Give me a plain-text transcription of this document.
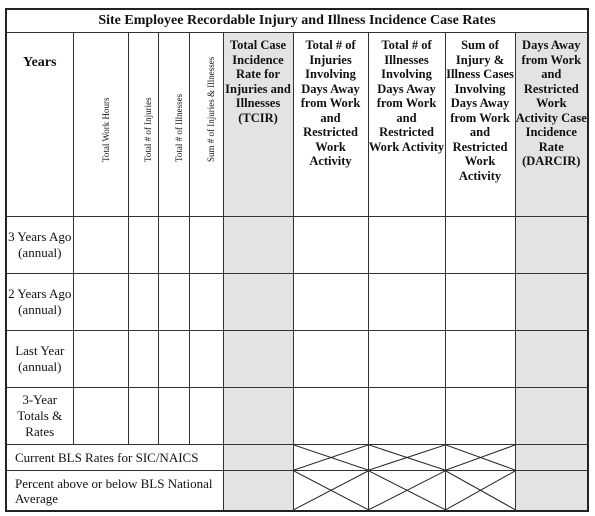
Site Employee Recordable Injury and Illness Incidence Case Rates									
Years	Total Work Hours	Total # of Injuries	Total # of Illnesses	Sum # of Injuries & Illnesses	Total Case Incidence Rate for Injuries and Illnesses (TCIR)	Total # of Injuries Involving Days Away from Work and Restricted Work Activity	Total # of Illnesses Involving Days Away from Work and Restricted Work Activity	Sum of Injury & Illness Cases Involving Days Away from Work and Restricted Work Activity	Days Away from Work and Restricted Work Activity Case Incidence Rate (DARCIR)
3 Years Ago (annual)									
2 Years Ago (annual)									
Last Year (annual)									
3-Year Totals & Rates									
Current BLS Rates for SIC/NAICS		

Percent above or below BLS National Average		
